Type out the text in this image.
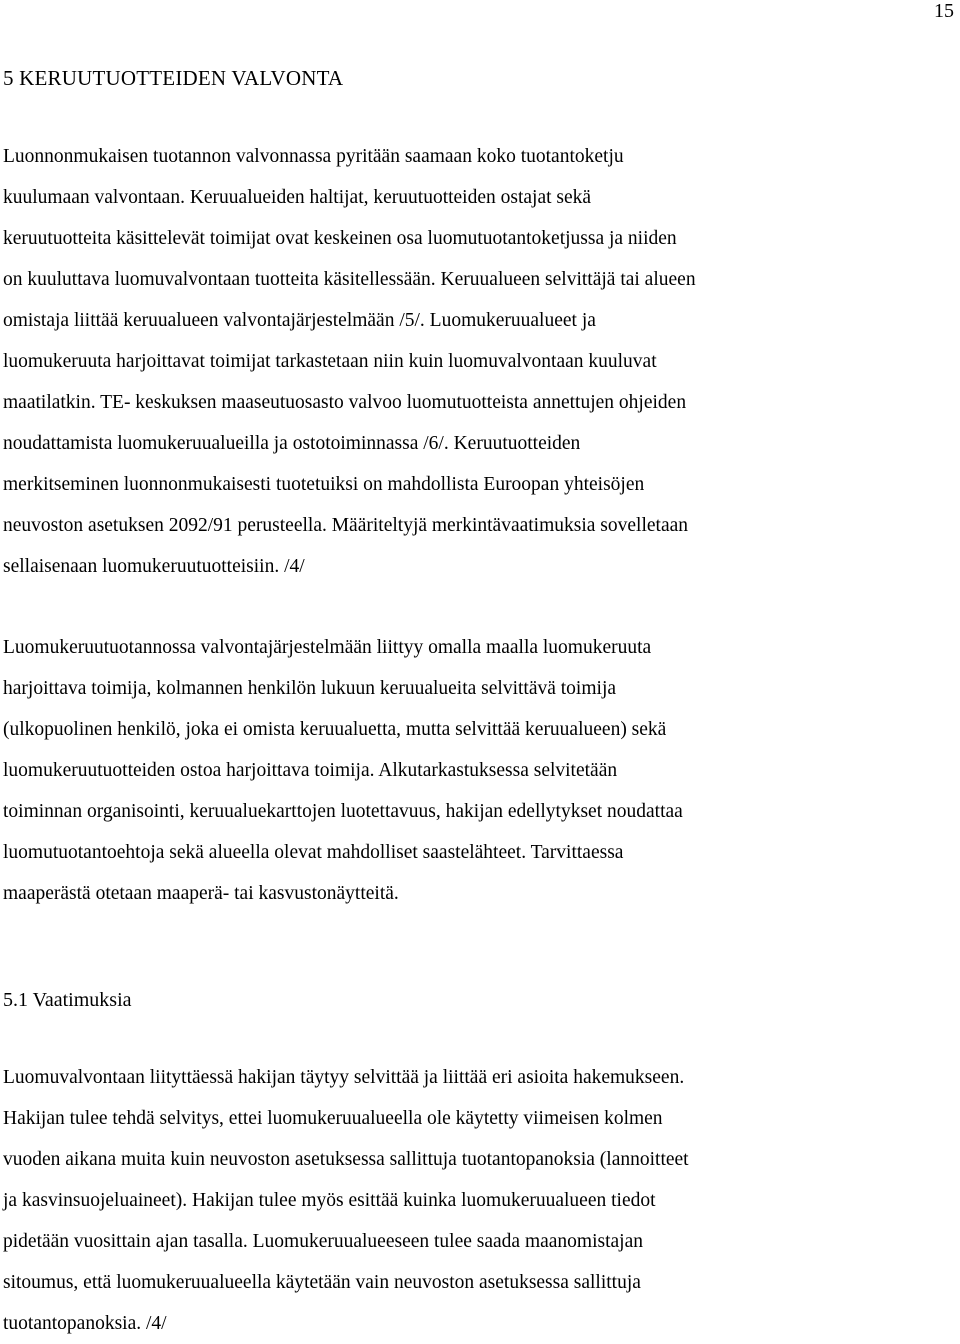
15
5 KERUUTUOTTEIDEN VALVONTA

Luonnonmukaisen tuotannon valvonnassa pyritään saamaan koko tuotantoketju
kuulumaan valvontaan. Keruualueiden haltijat, keruutuotteiden ostajat sekä
keruutuotteita käsittelevät toimijat ovat keskeinen osa luomutuotantoketjussa ja niiden
on kuuluttava luomuvalvontaan tuotteita käsitellessään. Keruualueen selvittäjä tai alueen
omistaja liittää keruualueen valvontajärjestelmään /5/. Luomukeruualueet ja
luomukeruuta harjoittavat toimijat tarkastetaan niin kuin luomuvalvontaan kuuluvat
maatilatkin. TE- keskuksen maaseutuosasto valvoo luomutuotteista annettujen ohjeiden
noudattamista luomukeruualueilla ja ostotoiminnassa /6/. Keruutuotteiden
merkitseminen luonnonmukaisesti tuotetuiksi on mahdollista Euroopan yhteisöjen
neuvoston asetuksen 2092/91 perusteella. Määriteltyjä merkintävaatimuksia sovelletaan
sellaisenaan luomukeruutuotteisiin. /4/

Luomukeruutuotannossa valvontajärjestelmään liittyy omalla maalla luomukeruuta
harjoittava toimija, kolmannen henkilön lukuun keruualueita selvittävä toimija
(ulkopuolinen henkilö, joka ei omista keruualuetta, mutta selvittää keruualueen) sekä
luomukeruutuotteiden ostoa harjoittava toimija. Alkutarkastuksessa selvitetään
toiminnan organisointi, keruualuekarttojen luotettavuus, hakijan edellytykset noudattaa
luomutuotantoehtoja sekä alueella olevat mahdolliset saastelähteet. Tarvittaessa
maaperästä otetaan maaperä- tai kasvustonäytteitä.

5.1 Vaatimuksia

Luomuvalvontaan liityttäessä hakijan täytyy selvittää ja liittää eri asioita hakemukseen.
Hakijan tulee tehdä selvitys, ettei luomukeruualueella ole käytetty viimeisen kolmen
vuoden aikana muita kuin neuvoston asetuksessa sallittuja tuotantopanoksia (lannoitteet
ja kasvinsuojeluaineet). Hakijan tulee myös esittää kuinka luomukeruualueen tiedot
pidetään vuosittain ajan tasalla. Luomukeruualueeseen tulee saada maanomistajan
sitoumus, että luomukeruualueella käytetään vain neuvoston asetuksessa sallittuja
tuotantopanoksia. /4/
